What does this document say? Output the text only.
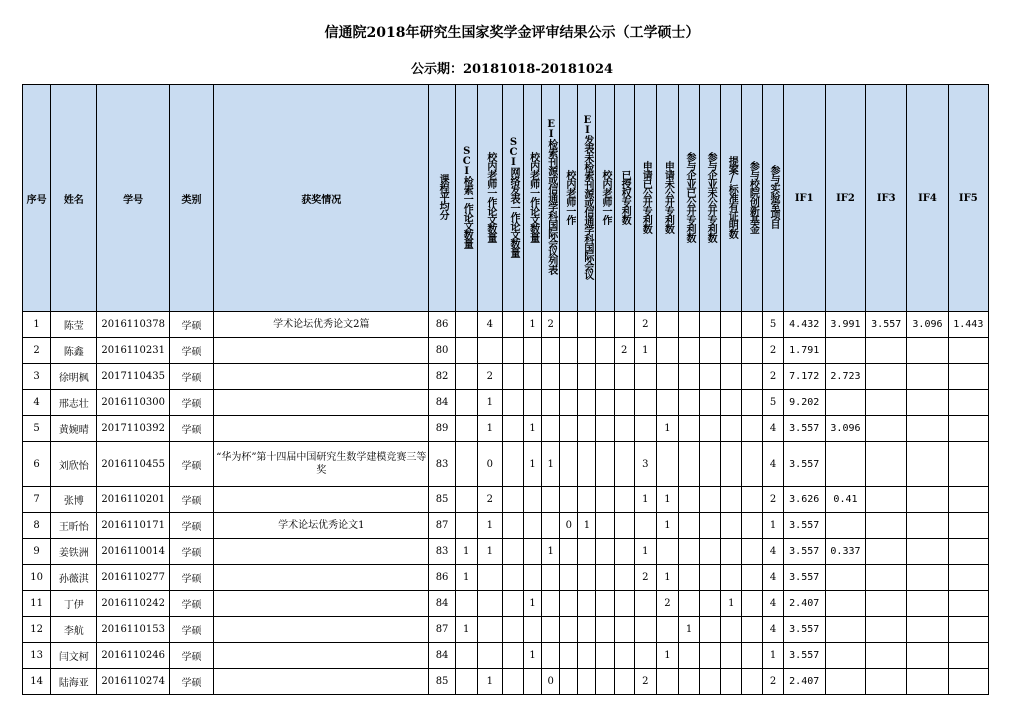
信通院2018年研究生国家奖学金评审结果公示（工学硕士）
公示期：20181018-20181024
序号	姓名	学号	类别	获奖情况	课程平均分	SCI检索一作论文数量	校内老师一作论文数量	SCI网络发表一作论文数量	校内老师一作论文数量	EI检索刊源或信通学科国际会议列表	校内老师一作	EI发表未检索刊源或信通学科国际会议	校内老师一作	已授权专利数	申请已公开专利数	申请未公开专利数	参与企业已公开专利数	参与企业未公开专利数	提案/标准有证明数	参与校院创新基金	参与实验室项目	IF1	IF2	IF3	IF4	IF5
1	陈莹	2016110378	学硕	学术论坛优秀论文2篇	86		4		1	2					2						5	4.432	3.991	3.557	3.096	1.443
2	陈鑫	2016110231	学硕		80									2	1						2	1.791				
3	徐明枫	2017110435	学硕		82		2														2	7.172	2.723			
4	邢志壮	2016110300	学硕		84		1														5	9.202				
5	黄婉晴	2017110392	学硕		89		1		1							1					4	3.557	3.096			
6	刘欣怡	2016110455	学硕	“华为杯”第十四届中国研究生数学建模竞赛三等奖	83		0		1	1					3						4	3.557				
7	张博	2016110201	学硕		85		2								1	1					2	3.626	0.41			
8	王昕怡	2016110171	学硕	学术论坛优秀论文1	87		1				0	1				1					1	3.557				
9	姜铁洲	2016110014	学硕		83	1	1			1					1						4	3.557	0.337			
10	孙薇淇	2016110277	学硕		86	1									2	1					4	3.557				
11	丁伊	2016110242	学硕		84				1							2			1		4	2.407				
12	李航	2016110153	学硕		87	1											1				4	3.557				
13	闫文柯	2016110246	学硕		84				1							1					1	3.557				
14	陆海亚	2016110274	学硕		85		1			0					2						2	2.407				
